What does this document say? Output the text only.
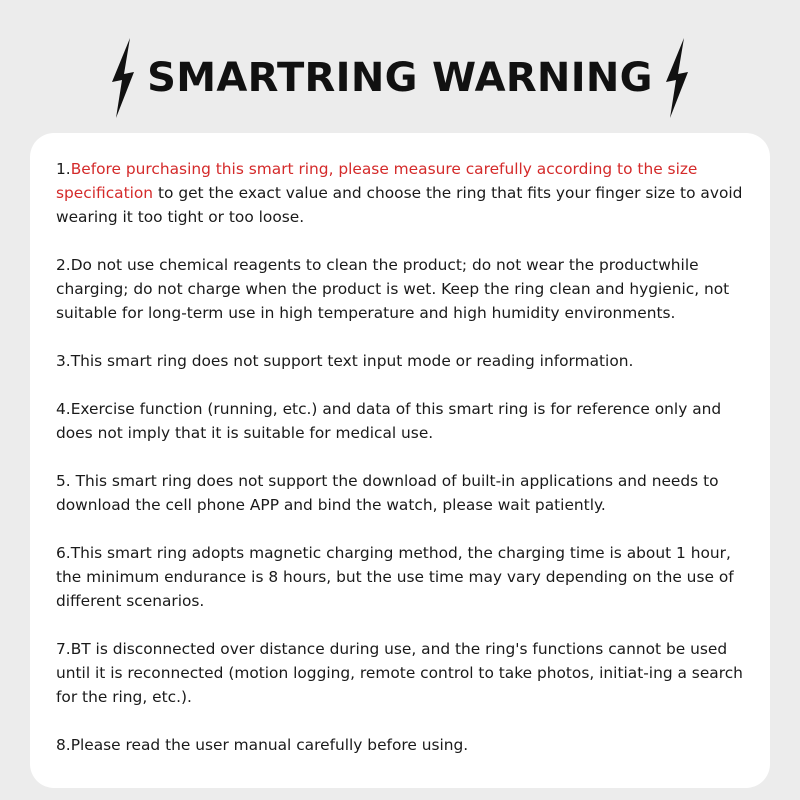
SMARTRING WARNING

1.Before purchasing this smart ring, please measure carefully according to the size specification to get the exact value and choose the ring that fits your finger size to avoid wearing it too tight or too loose.

2.Do not use chemical reagents to clean the product; do not wear the productwhile charging; do not charge when the product is wet. Keep the ring clean and hygienic, not suitable for long-term use in high temperature and high humidity environments.

3.This smart ring does not support text input mode or reading information.

4.Exercise function (running, etc.) and data of this smart ring is for reference only and does not imply that it is suitable for medical use.

5. This smart ring does not support the download of built-in applications and needs to download the cell phone APP and bind the watch, please wait patiently.

6.This smart ring adopts magnetic charging method, the charging time is about 1 hour, the minimum endurance is 8 hours, but the use time may vary depending on the use of different scenarios.

7.BT is disconnected over distance during use, and the ring's functions cannot be used until it is reconnected (motion logging, remote control to take photos, initiat-ing a search for the ring, etc.).

8.Please read the user manual carefully before using.
